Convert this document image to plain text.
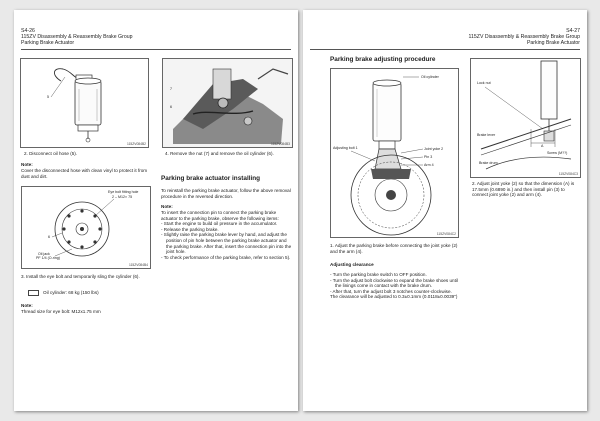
S4-26
115ZV Disassembly & Reassembly Brake Group
Parking Brake Actuator
5
115ZV084B2
7
6
115ZV084B3
2. Disconnect oil hose (5).	4. Remove the nut (7) and remove the oil cylinder (6).
Note:
Cover the disconnected hose with clean vinyl to protect it from dust and dirt.	Parking brake actuator installing
To reinstall the parking brake actuator, follow the above removal procedure in the reversed direction.
Note:
To insert the connection pin to connect the parking brake actuator to the parking brake, observe the following items:
- Start the engine to build oil pressure in the accumulator.
- Release the parking brake.
- Slightly raise the parking brake lever by hand, and adjust the position of pin hole between the parking brake actuator and the parking brake. After that, insert the connection pin into the joint hole.
- To check performance of the parking brake, refer to section 5).
Eye bolt fitting hole
2 – M12× 75
6
Oil jack
PF 1/4 (O-ring)
115ZV084B4
3. Install the eye bolt and temporarily sling the cylinder (6).
Oil cylinder: 68 kg (150 lbs)
Note:
Thread size for eye bolt: M12x1.75 mm
S4-27
115ZV Disassembly & Reassembly Brake Group
Parking Brake Actuator
Parking brake adjusting procedure
Oil cylinder
Adjusting bolt 1	Joint yoke 2
Pin 3
Arm 4
115ZV084C2
Lock nut
A
Brake lever
Brake drum
Screw (M??)
115ZV084C3
2. Adjust joint yoke (2) so that the dimension (A) is 17.5mm (0.6890 in.) and then install pin (3) to connect joint yoke (2) and arm (4).
1. Adjust the parking brake before connecting the joint yoke (2) and the arm (4).
Adjusting clearance
- Turn the parking brake switch to OFF position.
- Turn the adjust bolt clockwise to expand the brake shoes until the linings come in contact with the brake drum.
- After that, turn the adjust bolt 3 notches counter-clockwise.
The clearance will be adjusted to 0.3±0.1mm (0.0118±0.0039")
